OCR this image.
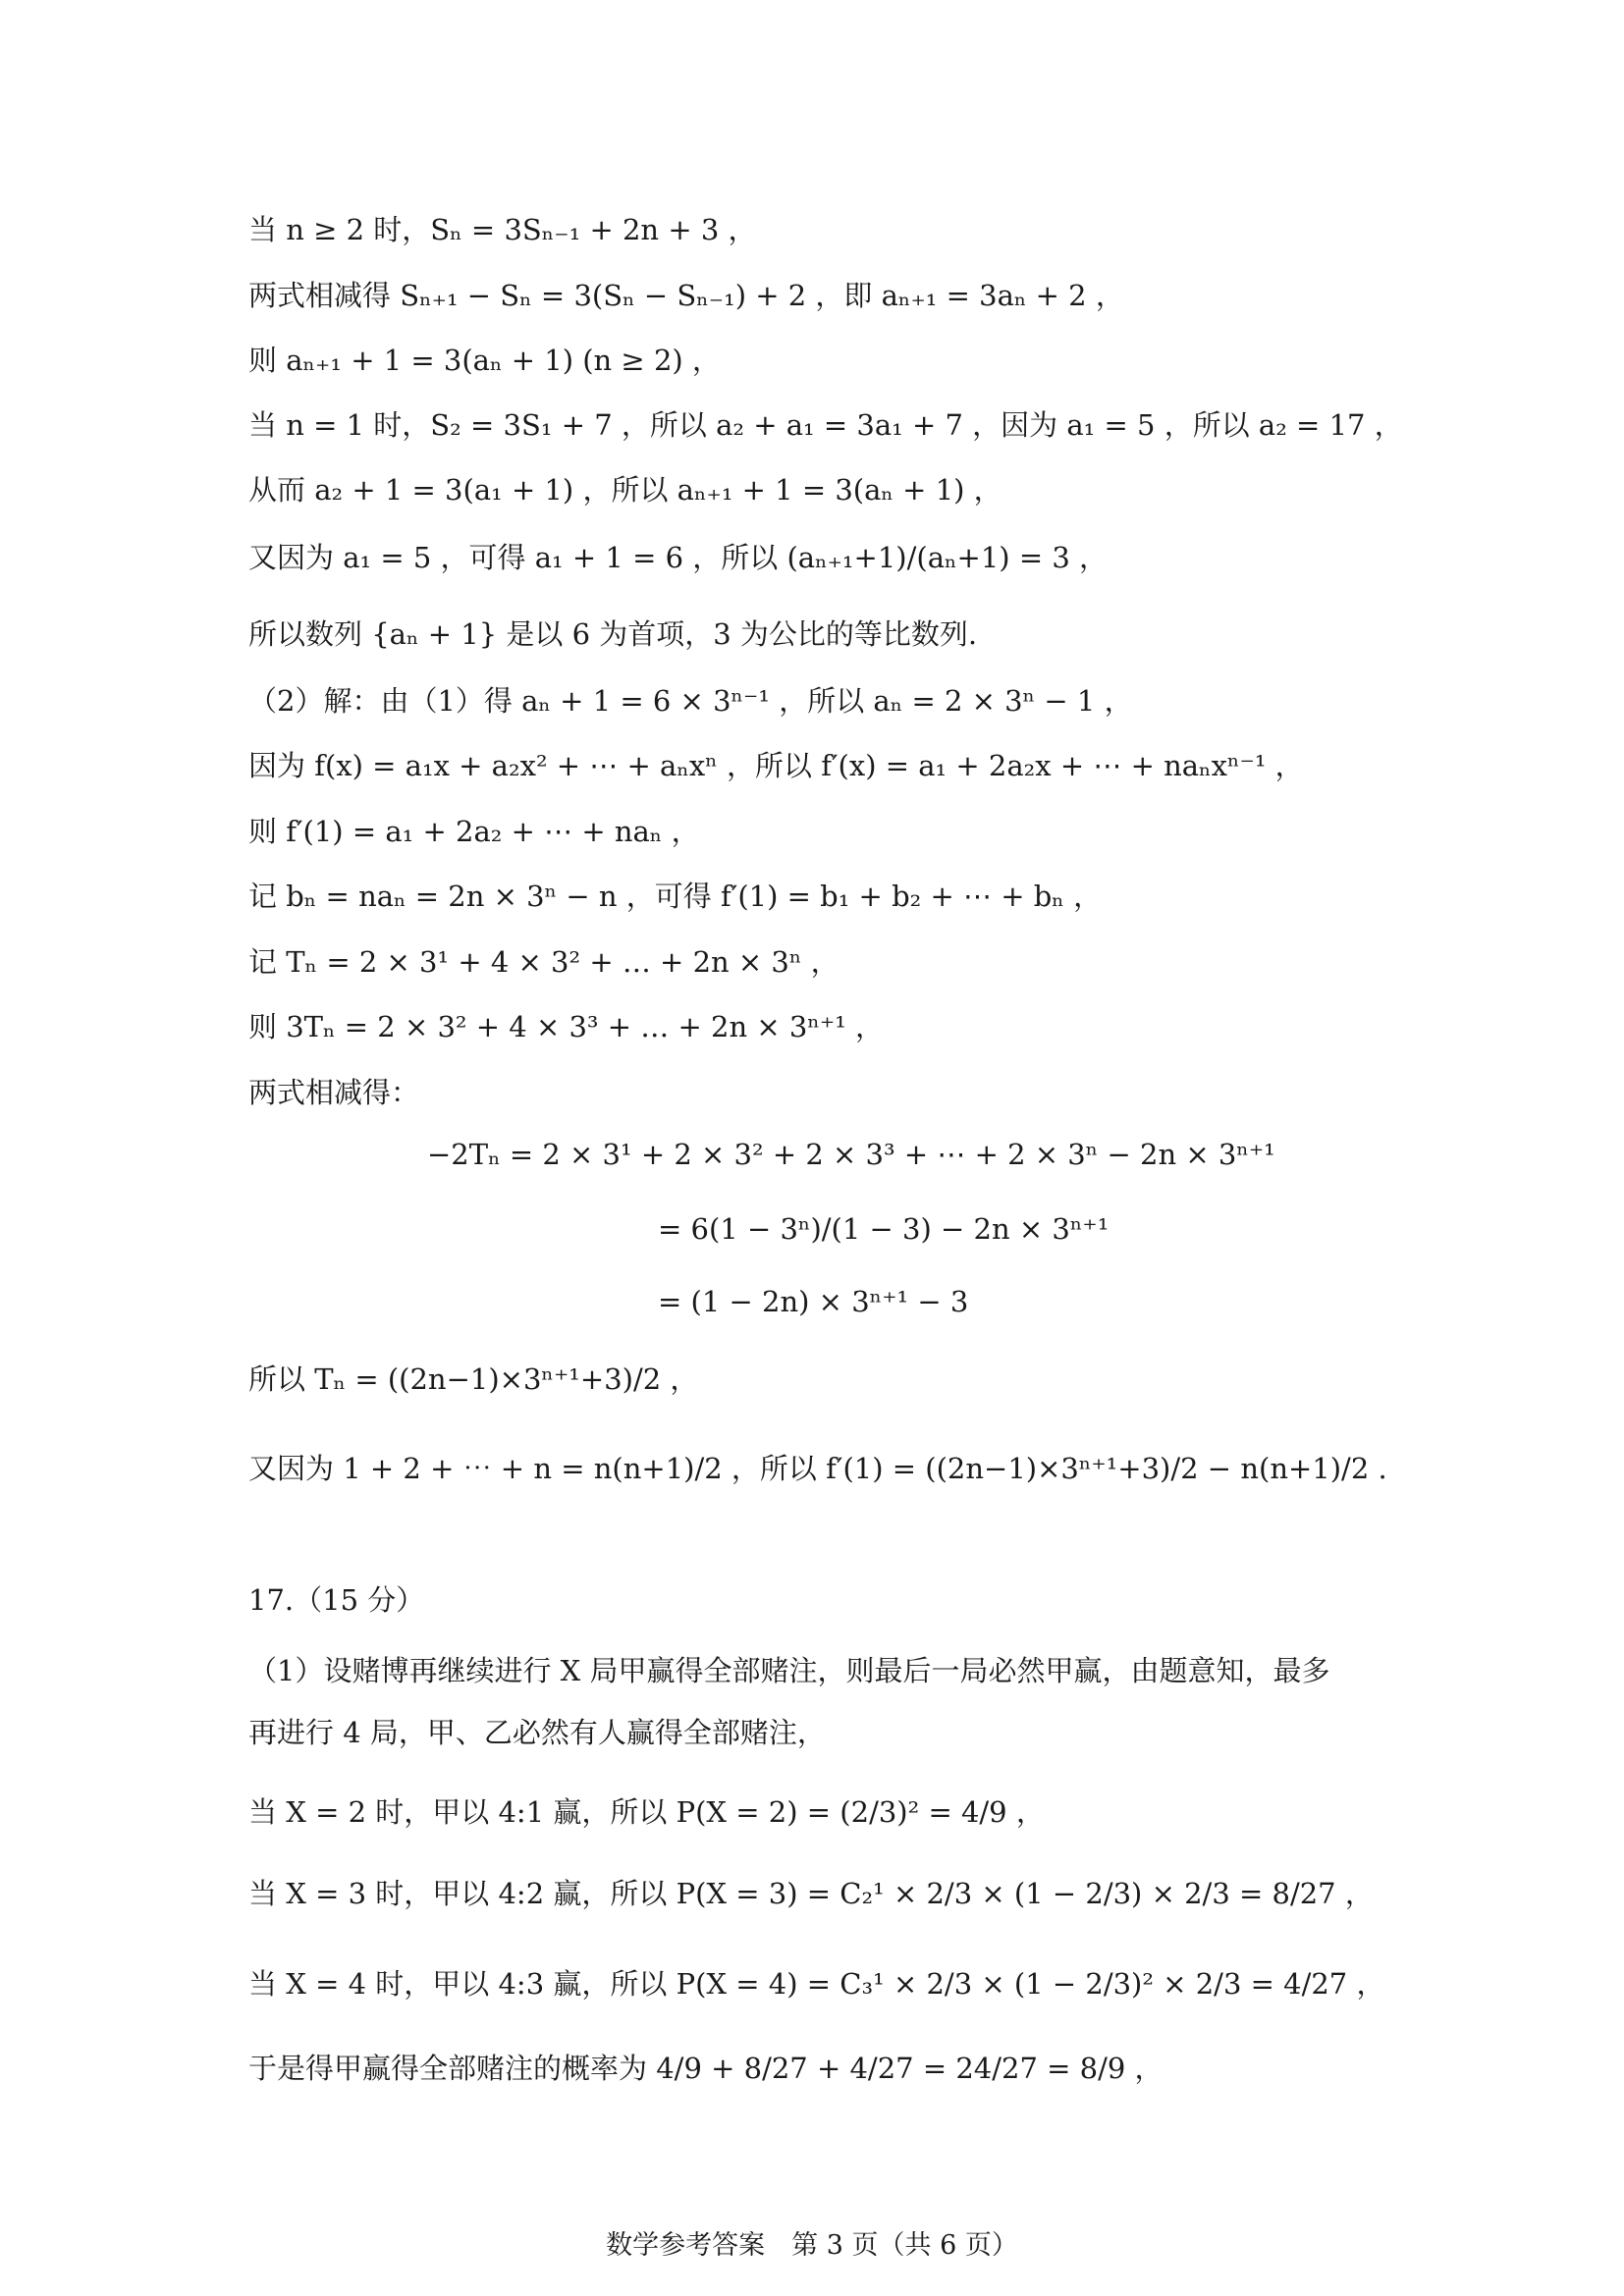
当 n ≥ 2 时，Sₙ = 3Sₙ₋₁ + 2n + 3 ，
两式相减得 Sₙ₊₁ − Sₙ = 3(Sₙ − Sₙ₋₁) + 2 ，即 aₙ₊₁ = 3aₙ + 2 ，
则 aₙ₊₁ + 1 = 3(aₙ + 1) (n ≥ 2) ，
当 n = 1 时，S₂ = 3S₁ + 7 ，所以 a₂ + a₁ = 3a₁ + 7 ，因为 a₁ = 5 ，所以 a₂ = 17 ，
从而 a₂ + 1 = 3(a₁ + 1) ，所以 aₙ₊₁ + 1 = 3(aₙ + 1) ，
又因为 a₁ = 5 ，可得 a₁ + 1 = 6 ，所以 (aₙ₊₁+1)/(aₙ+1) = 3 ，
所以数列 {aₙ + 1} 是以 6 为首项，3 为公比的等比数列.
（2）解：由（1）得 aₙ + 1 = 6 × 3ⁿ⁻¹ ，所以 aₙ = 2 × 3ⁿ − 1 ，
因为 f(x) = a₁x + a₂x² + ⋯ + aₙxⁿ ，所以 f′(x) = a₁ + 2a₂x + ⋯ + naₙxⁿ⁻¹ ，
则 f′(1) = a₁ + 2a₂ + ⋯ + naₙ ，
记 bₙ = naₙ = 2n × 3ⁿ − n ，可得 f′(1) = b₁ + b₂ + ⋯ + bₙ ，
记 Tₙ = 2 × 3¹ + 4 × 3² + … + 2n × 3ⁿ ，
则 3Tₙ = 2 × 3² + 4 × 3³ + … + 2n × 3ⁿ⁺¹ ，
两式相减得：
−2Tₙ = 2 × 3¹ + 2 × 3² + 2 × 3³ + ⋯ + 2 × 3ⁿ − 2n × 3ⁿ⁺¹
= 6(1 − 3ⁿ)/(1 − 3) − 2n × 3ⁿ⁺¹
= (1 − 2n) × 3ⁿ⁺¹ − 3
所以 Tₙ = ((2n−1)×3ⁿ⁺¹+3)/2 ，
又因为 1 + 2 + ⋯ + n = n(n+1)/2 ，所以 f′(1) = ((2n−1)×3ⁿ⁺¹+3)/2 − n(n+1)/2 .
17.（15 分）
（1）设赌博再继续进行 X 局甲赢得全部赌注，则最后一局必然甲赢，由题意知，最多
再进行 4 局，甲、乙必然有人赢得全部赌注，
当 X = 2 时，甲以 4:1 赢，所以 P(X = 2) = (2/3)² = 4/9 ，
当 X = 3 时，甲以 4:2 赢，所以 P(X = 3) = C₂¹ × 2/3 × (1 − 2/3) × 2/3 = 8/27 ，
当 X = 4 时，甲以 4:3 赢，所以 P(X = 4) = C₃¹ × 2/3 × (1 − 2/3)² × 2/3 = 4/27 ，
于是得甲赢得全部赌注的概率为 4/9 + 8/27 + 4/27 = 24/27 = 8/9 ，
数学参考答案　第 3 页（共 6 页）
